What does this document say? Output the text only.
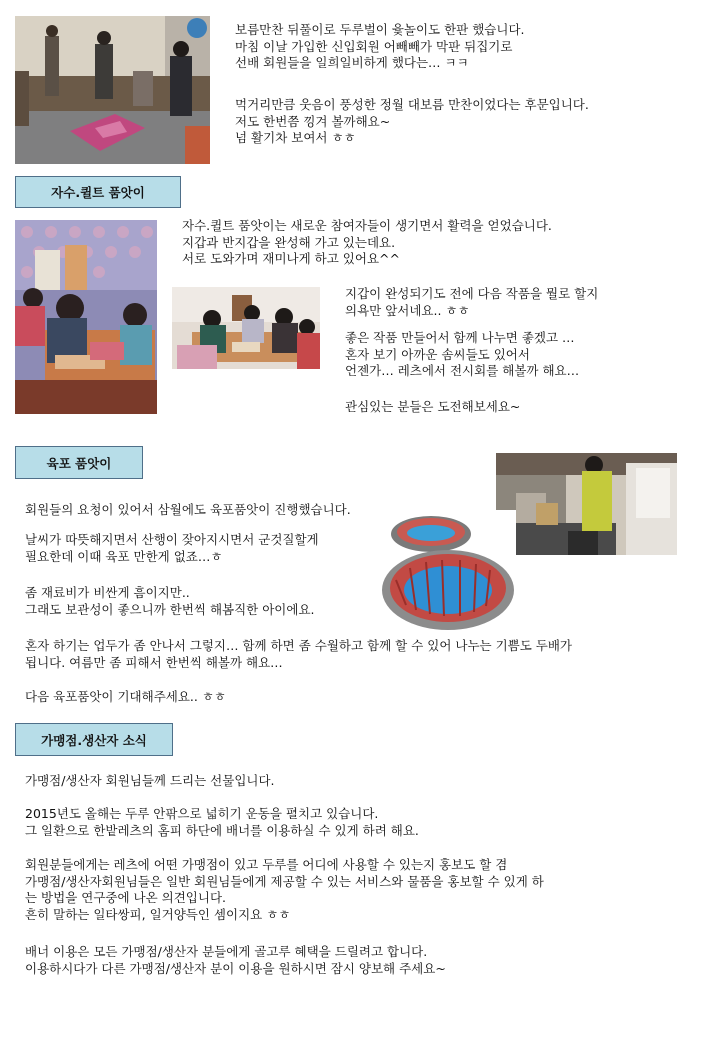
보름만찬 뒤풀이로 두루벌이 윷놀이도 한판 했습니다.

마침 이날 가입한 신입회원 어빼빼가 막판 뒤집기로

선배 회원들을 일희일비하게 했다는… ㅋㅋ

먹거리만큼 웃음이 풍성한 정월 대보름 만찬이었다는 후문입니다.

저도 한번쯤 낑겨 볼까해요~

넘 활기차 보여서 ㅎㅎ

자수.퀼트 품앗이

자수.퀼트 품앗이는 새로운 참여자들이 생기면서 활력을 얻었습니다.

지갑과 반지갑을 완성해 가고 있는데요.

서로 도와가며 재미나게 하고 있어요^^

지갑이 완성되기도 전에 다음 작품을 뭘로 할지

의욕만 앞서네요.. ㅎㅎ

좋은 작품 만들어서 함께 나누면 좋겠고 …

혼자 보기 아까운 솜씨들도 있어서

언젠가… 레츠에서 전시회를 해볼까 해요…

관심있는 분들은 도전해보세요~

육포 품앗이

회원들의 요청이 있어서 삼월에도 육포품앗이 진행했습니다.

날씨가 따뜻해지면서 산행이 잦아지시면서 군것질할게

필요한데 이때 육포 만한게 없죠…ㅎ

좀 재료비가 비싼게 흠이지만..

그래도 보관성이 좋으니까 한번씩 해봄직한 아이에요.

혼자 하기는 업두가 좀 안나서 그렇지… 함께 하면 좀 수월하고 함께 할 수 있어 나누는 기쁨도 두배가

됩니다. 여름만 좀 피해서 한번씩 해볼까 해요…

다음 육포품앗이 기대해주세요.. ㅎㅎ

가맹점.생산자 소식

가맹점/생산자 회원님들께 드리는 선물입니다.

2015년도 올해는 두루 안팎으로 넓히기 운동을 펼치고 있습니다.

그 일환으로 한밭레츠의 홈피 하단에 배너를 이용하실 수 있게 하려 해요.

회원분들에게는 레츠에 어떤 가맹점이 있고 두루를 어디에 사용할 수 있는지 홍보도 할 겸

가맹점/생산자회원님들은 일반 회원님들에게 제공할 수 있는 서비스와 물품을 홍보할 수 있게 하

는 방법을 연구중에 나온 의견입니다.

흔히 말하는 일타쌍피, 일거양득인 셈이지요 ㅎㅎ

배너 이용은 모든 가맹점/생산자 분들에게 골고루 혜택을 드릴려고 합니다.

이용하시다가 다른 가맹점/생산자 분이 이용을 원하시면 잠시 양보해 주세요~
